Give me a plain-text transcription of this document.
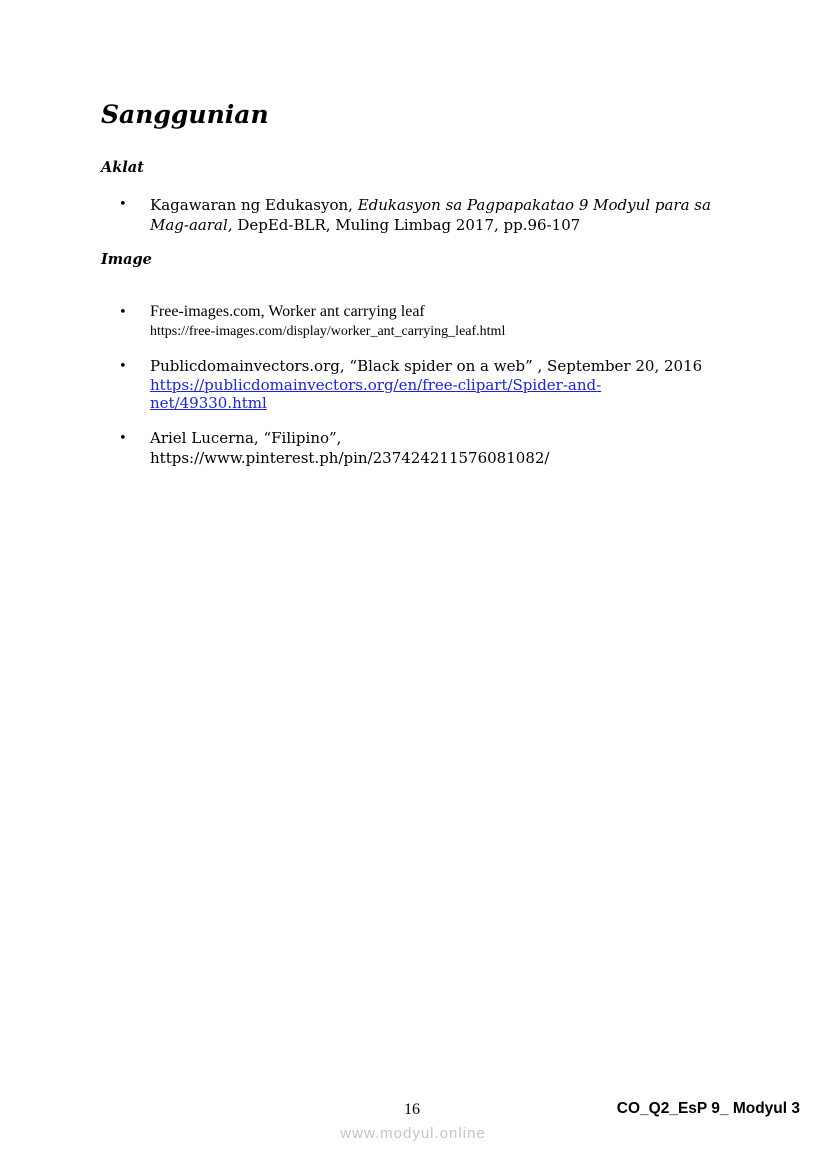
Sanggunian
Aklat
• Kagawaran ng Edukasyon, Edukasyon sa Pagpapakatao 9 Modyul para sa
Mag-aaral, DepEd-BLR, Muling Limbag 2017, pp.96-107
Image
• Free-images.com, Worker ant carrying leaf
https://free-images.com/display/worker_ant_carrying_leaf.html
• Publicdomainvectors.org, “Black spider on a web” , September 20, 2016
https://publicdomainvectors.org/en/free-clipart/Spider-and-
net/49330.html
• Ariel Lucerna, “Filipino”,
https://www.pinterest.ph/pin/237424211576081082/
16	CO_Q2_EsP 9_ Modyul 3
www.modyul.online
